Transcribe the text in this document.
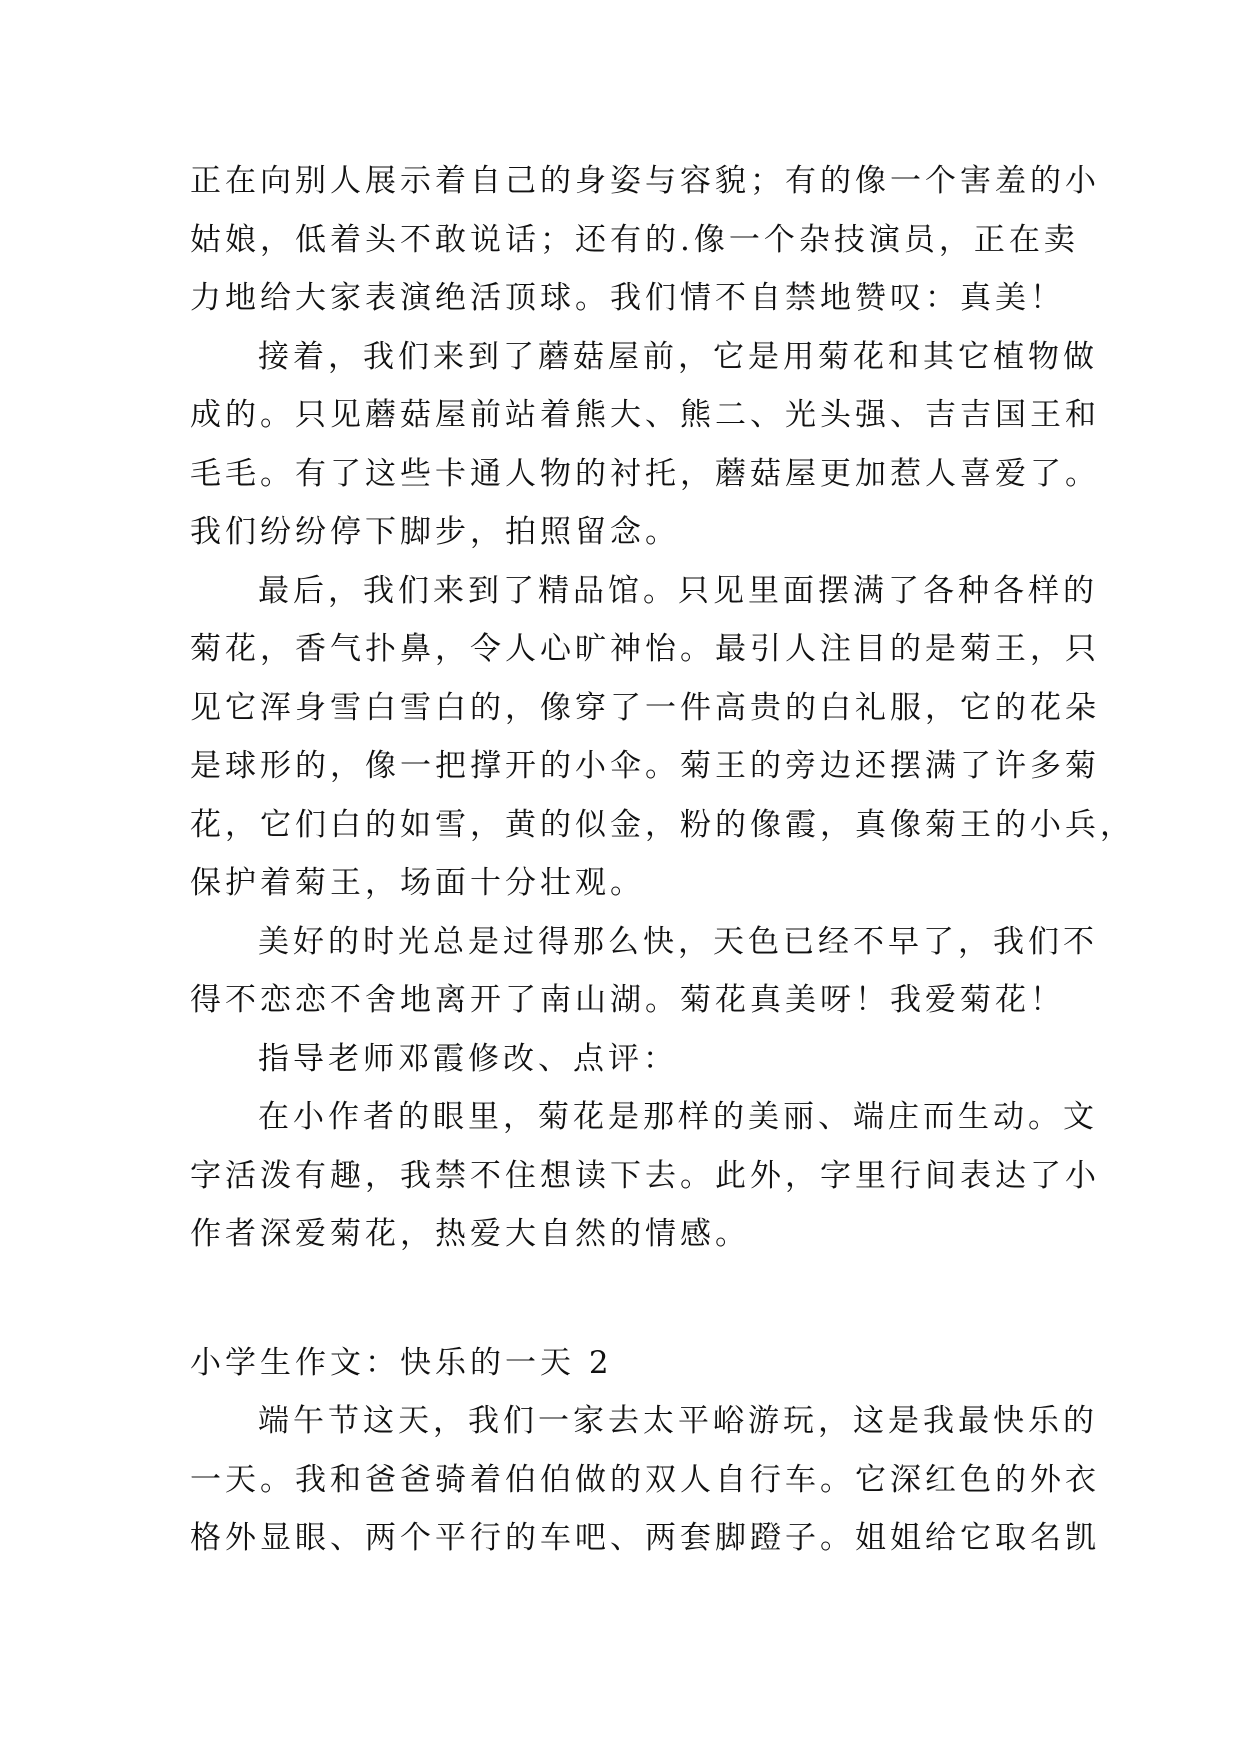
正在向别人展示着自己的身姿与容貌；有的像一个害羞的小
姑娘，低着头不敢说话；还有的.像一个杂技演员，正在卖
力地给大家表演绝活顶球。我们情不自禁地赞叹：真美！
接着，我们来到了蘑菇屋前，它是用菊花和其它植物做
成的。只见蘑菇屋前站着熊大、熊二、光头强、吉吉国王和
毛毛。有了这些卡通人物的衬托，蘑菇屋更加惹人喜爱了。
我们纷纷停下脚步，拍照留念。
最后，我们来到了精品馆。只见里面摆满了各种各样的
菊花，香气扑鼻，令人心旷神怡。最引人注目的是菊王，只
见它浑身雪白雪白的，像穿了一件高贵的白礼服，它的花朵
是球形的，像一把撑开的小伞。菊王的旁边还摆满了许多菊
花，它们白的如雪，黄的似金，粉的像霞，真像菊王的小兵，
保护着菊王，场面十分壮观。
美好的时光总是过得那么快，天色已经不早了，我们不
得不恋恋不舍地离开了南山湖。菊花真美呀！我爱菊花！
指导老师邓霞修改、点评：
在小作者的眼里，菊花是那样的美丽、端庄而生动。文
字活泼有趣，我禁不住想读下去。此外，字里行间表达了小
作者深爱菊花，热爱大自然的情感。
小学生作文：快乐的一天 2
端午节这天，我们一家去太平峪游玩，这是我最快乐的
一天。我和爸爸骑着伯伯做的双人自行车。它深红色的外衣
格外显眼、两个平行的车吧、两套脚蹬子。姐姐给它取名凯
